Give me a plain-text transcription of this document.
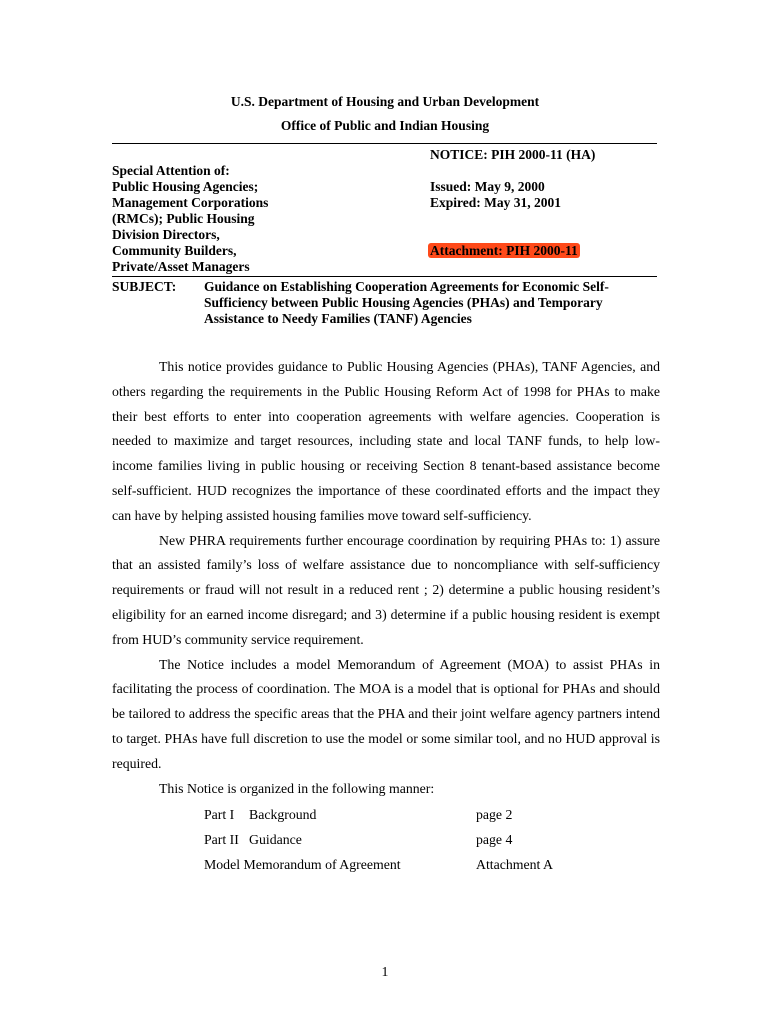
U.S. Department of Housing and Urban Development
Office of Public and Indian Housing
NOTICE: PIH 2000-11 (HA)
Issued: May 9, 2000
Expired: May 31, 2001
Attachment: PIH 2000-11
Special Attention of:
Public Housing Agencies;
Management Corporations
(RMCs); Public Housing
Division Directors,
Community Builders,
Private/Asset Managers
SUBJECT: Guidance on Establishing Cooperation Agreements for Economic Self-
Sufficiency between Public Housing Agencies (PHAs) and Temporary
Assistance to Needy Families (TANF) Agencies

This notice provides guidance to Public Housing Agencies (PHAs), TANF Agencies, and others regarding the requirements in the Public Housing Reform Act of 1998 for PHAs to make their best efforts to enter into cooperation agreements with welfare agencies. Cooperation is needed to maximize and target resources, including state and local TANF funds, to help low-income families living in public housing or receiving Section 8 tenant-based assistance become self-sufficient. HUD recognizes the importance of these coordinated efforts and the impact they can have by helping assisted housing families move toward self-sufficiency.

New PHRA requirements further encourage coordination by requiring PHAs to: 1) assure that an assisted family’s loss of welfare assistance due to noncompliance with self-sufficiency requirements or fraud will not result in a reduced rent ; 2) determine a public housing resident’s eligibility for an earned income disregard; and 3) determine if a public housing resident is exempt from HUD’s community service requirement.

The Notice includes a model Memorandum of Agreement (MOA) to assist PHAs in facilitating the process of coordination. The MOA is a model that is optional for PHAs and should be tailored to address the specific areas that the PHA and their joint welfare agency partners intend to target. PHAs have full discretion to use the model or some similar tool, and no HUD approval is required.

This Notice is organized in the following manner:

Part I Background	page 2
Part II Guidance	page 4
Model Memorandum of Agreement	Attachment A
1
